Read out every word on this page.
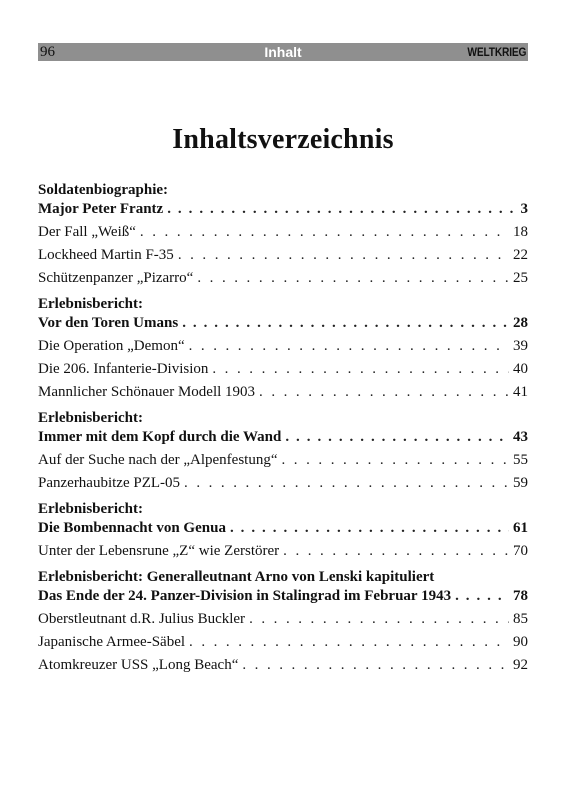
96	Inhalt	WELTKRIEG
Inhaltsverzeichnis
Soldatenbiographie:
Major Peter Frantz . . .	3
Der Fall „Weiß“ . . .	18
Lockheed Martin F-35 . . .	22
Schützenpanzer „Pizarro“ . . .	25
Erlebnisbericht:
Vor den Toren Umans . . .	28
Die Operation „Demon“ . . .	39
Die 206. Infanterie-Division . . .	40
Mannlicher Schönauer Modell 1903 . . .	41
Erlebnisbericht:
Immer mit dem Kopf durch die Wand . . .	43
Auf der Suche nach der „Alpenfestung“ . . .	55
Panzerhaubitze PZL-05 . . .	59
Erlebnisbericht:
Die Bombennacht von Genua . . .	61
Unter der Lebensrune „Z“ wie Zerstörer . . .	70
Erlebnisbericht: Generalleutnant Arno von Lenski kapituliert
Das Ende der 24. Panzer-Division in Stalingrad im Februar 1943 . . .	78
Oberstleutnant d.R. Julius Buckler . . .	85
Japanische Armee-Säbel . . .	90
Atomkreuzer USS „Long Beach“ . . .	92
